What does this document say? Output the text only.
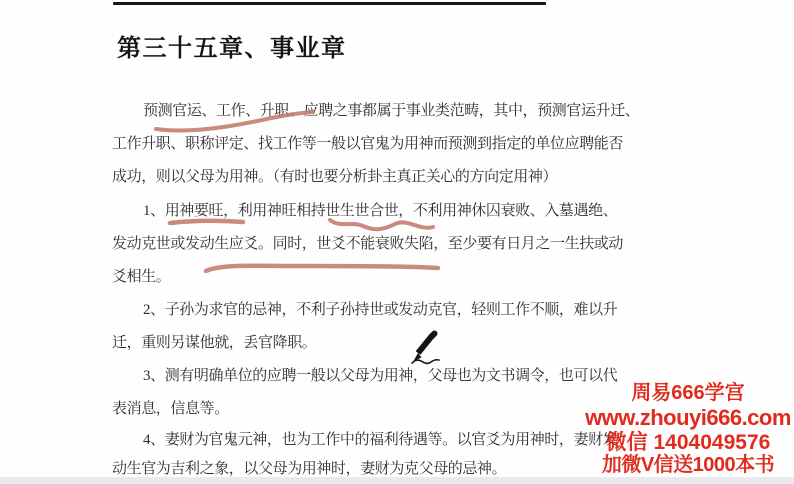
第三十五章、事业章
预测官运、工作、升职、应聘之事都属于事业类范畴，其中，预测官运升迁、
工作升职、职称评定、找工作等一般以官鬼为用神而预测到指定的单位应聘能否
成功，则以父母为用神。（有时也要分析卦主真正关心的方向定用神）
1、用神要旺，利用神旺相持世生世合世，不利用神休囚衰败、入墓遇绝、
发动克世或发动生应爻。同时，世爻不能衰败失陷，至少要有日月之一生扶或动
爻相生。
2、子孙为求官的忌神，不利子孙持世或发动克官，轻则工作不顺，难以升
迁，重则另谋他就，丢官降职。
3、测有明确单位的应聘一般以父母为用神，父母也为文书调令，也可以代
表消息，信息等。
4、妻财为官鬼元神，也为工作中的福利待遇等。以官爻为用神时，妻财发
动生官为吉利之象，以父母为用神时，妻财为克父母的忌神。
周易666学宫
www.zhouyi666.com
微信 1404049576
加微V信送1000本书
